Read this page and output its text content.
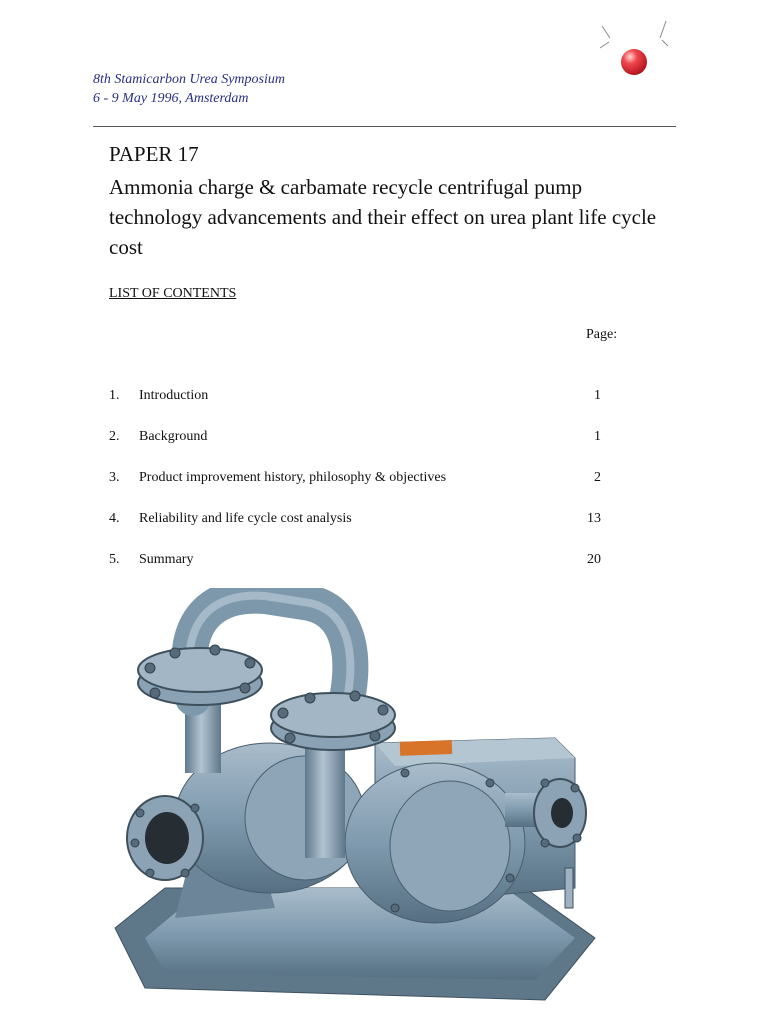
8th Stamicarbon Urea Symposium
6 - 9 May 1996, Amsterdam
PAPER 17
Ammonia charge & carbamate recycle centrifugal pump technology advancements and their effect on urea plant life cycle cost
LIST OF CONTENTS
Page:
1. Introduction	1
2. Background	1
3. Product improvement history, philosophy & objectives	2
4. Reliability and life cycle cost analysis	13
5. Summary	20
